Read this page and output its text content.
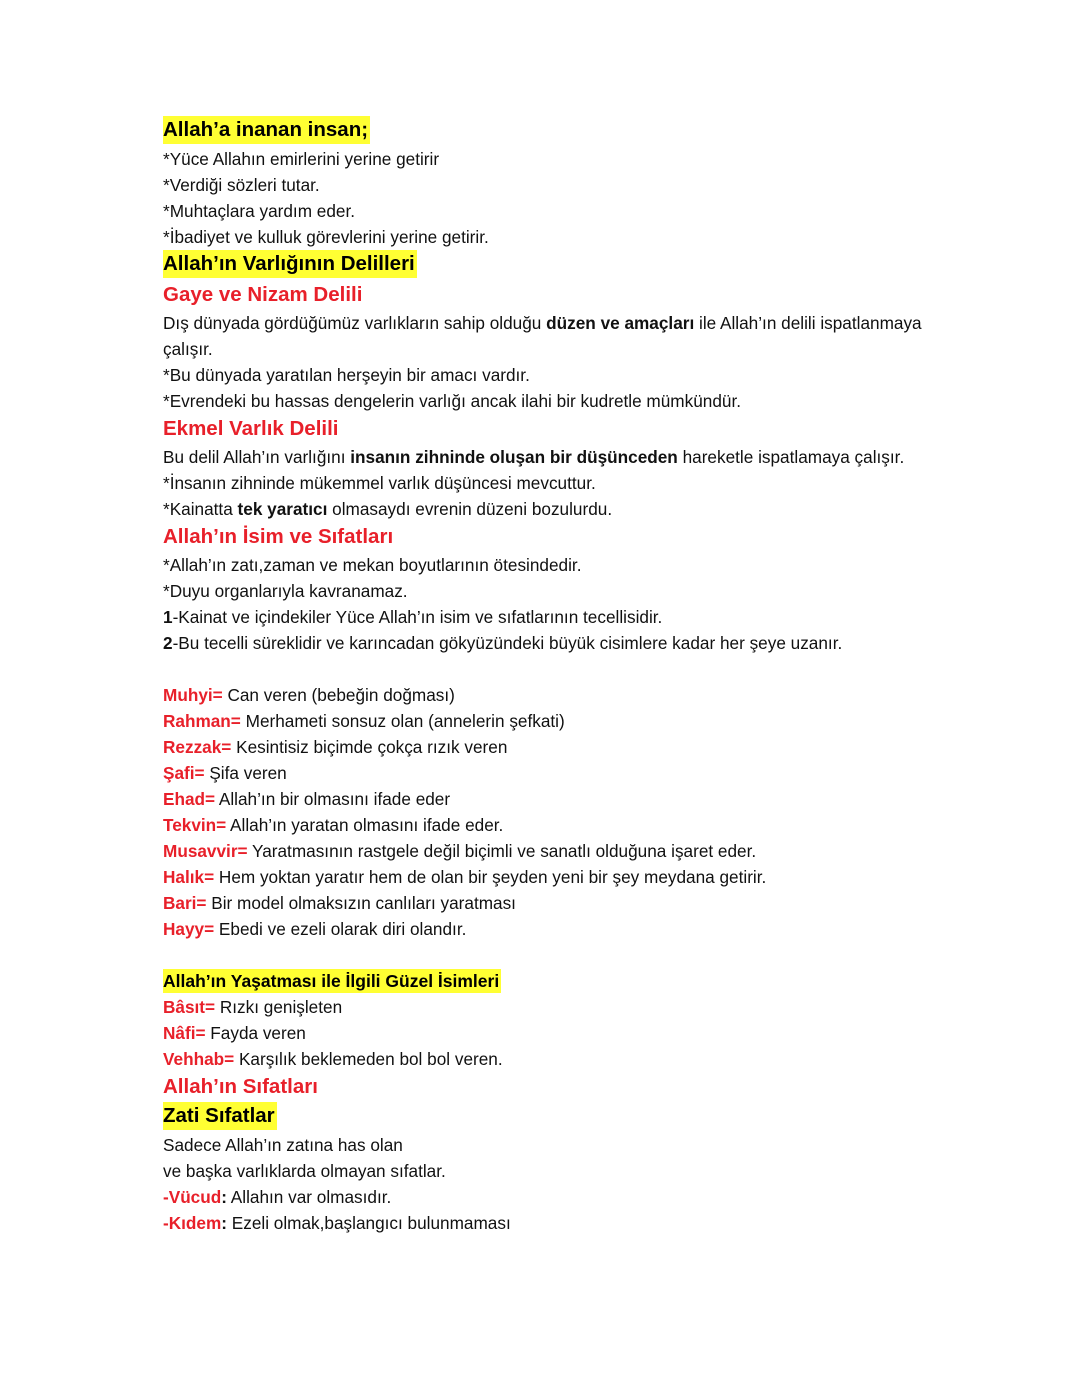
Allah’a inanan insan;
*Yüce Allahın emirlerini yerine getirir
*Verdiği sözleri tutar.
*Muhtaçlara yardım eder.
*İbadiyet ve kulluk görevlerini yerine getirir.
Allah’ın Varlığının Delilleri
Gaye ve Nizam Delili
Dış dünyada gördüğümüz varlıkların sahip olduğu düzen ve amaçları ile Allah’ın delili ispatlanmaya çalışır.
*Bu dünyada yaratılan herşeyin bir amacı vardır.
*Evrendeki bu hassas dengelerin varlığı ancak ilahi bir kudretle mümkündür.
Ekmel Varlık Delili
Bu delil Allah’ın varlığını insanın zihninde oluşan bir düşünceden hareketle ispatlamaya çalışır.
*İnsanın zihninde mükemmel varlık düşüncesi mevcuttur.
*Kainatta tek yaratıcı olmasaydı evrenin düzeni bozulurdu.
Allah’ın İsim ve Sıfatları
*Allah’ın zatı,zaman ve mekan boyutlarının ötesindedir.
*Duyu organlarıyla kavranamaz.
1-Kainat ve içindekiler Yüce Allah’ın isim ve sıfatlarının tecellisidir.
2-Bu tecelli süreklidir ve karıncadan gökyüzündeki büyük cisimlere kadar her şeye uzanır.
Muhyi= Can veren (bebeğin doğması)
Rahman= Merhameti sonsuz olan (annelerin şefkati)
Rezzak= Kesintisiz biçimde çokça rızık veren
Şafi= Şifa veren
Ehad= Allah’ın bir olmasını ifade eder
Tekvin= Allah’ın yaratan olmasını ifade eder.
Musavvir= Yaratmasının rastgele değil biçimli ve sanatlı olduğuna işaret eder.
Halık= Hem yoktan yaratır hem de olan bir şeyden yeni bir şey meydana getirir.
Bari= Bir model olmaksızın canlıları yaratması
Hayy= Ebedi ve ezeli olarak diri olandır.
Allah’ın Yaşatması ile İlgili Güzel İsimleri
Bâsıt= Rızkı genişleten
Nâfi= Fayda veren
Vehhab= Karşılık beklemeden bol bol veren.
Allah’ın Sıfatları
Zati Sıfatlar
Sadece Allah’ın zatına has olan
ve başka varlıklarda olmayan sıfatlar.
-Vücud: Allahın var olmasıdır.
-Kıdem: Ezeli olmak,başlangıcı bulunmaması
